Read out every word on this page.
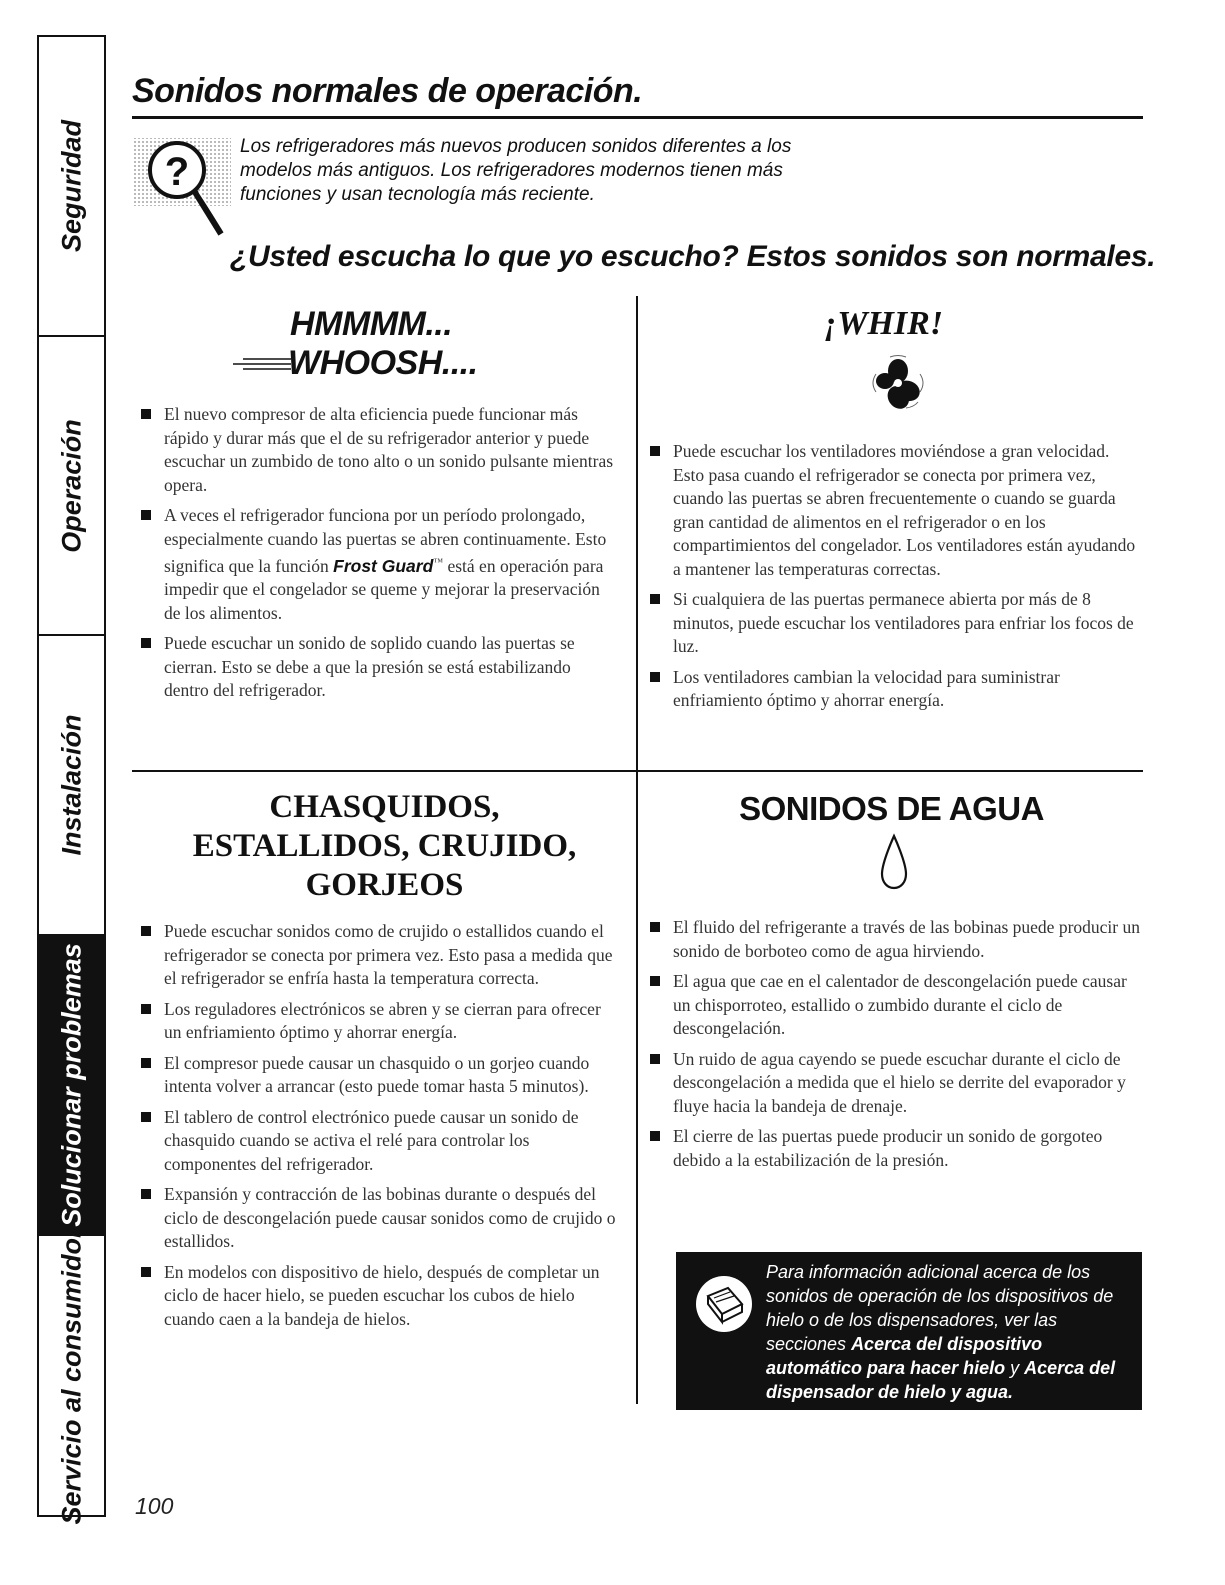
Seguridad
Operación
Instalación
Solucionar problemas
Servicio al consumidor
Sonidos normales de operación.
?

Los refrigeradores más nuevos producen sonidos diferentes a los modelos más antiguos. Los refrigeradores modernos tienen más funciones y usan tecnología más reciente.

¿Usted escucha lo que yo escucho? Estos sonidos son normales.
HMMMM...
WHOOSH....
El nuevo compresor de alta eficiencia puede funcionar más rápido y durar más que el de su refrigerador anterior y puede escuchar un zumbido de tono alto o un sonido pulsante mientras opera.
A veces el refrigerador funciona por un período prolongado, especialmente cuando las puertas se abren continuamente. Esto significa que la función Frost Guard™ está en operación para impedir que el congelador se queme y mejorar la preservación de los alimentos.
Puede escuchar un sonido de soplido cuando las puertas se cierran. Esto se debe a que la presión se está estabilizando dentro del refrigerador.
¡WHIR!
Puede escuchar los ventiladores moviéndose a gran velocidad. Esto pasa cuando el refrigerador se conecta por primera vez, cuando las puertas se abren frecuentemente o cuando se guarda gran cantidad de alimentos en el refrigerador o en los compartimientos del congelador. Los ventiladores están ayudando a mantener las temperaturas correctas.
Si cualquiera de las puertas permanece abierta por más de 8 minutos, puede escuchar los ventiladores para enfriar los focos de luz.
Los ventiladores cambian la velocidad para suministrar enfriamiento óptimo y ahorrar energía.
CHASQUIDOS,
ESTALLIDOS, CRUJIDO,
GORJEOS
Puede escuchar sonidos como de crujido o estallidos cuando el refrigerador se conecta por primera vez. Esto pasa a medida que el refrigerador se enfría hasta la temperatura correcta.
Los reguladores electrónicos se abren y se cierran para ofrecer un enfriamiento óptimo y ahorrar energía.
El compresor puede causar un chasquido o un gorjeo cuando intenta volver a arrancar (esto puede tomar hasta 5 minutos).
El tablero de control electrónico puede causar un sonido de chasquido cuando se activa el relé para controlar los componentes del refrigerador.
Expansión y contracción de las bobinas durante o después del ciclo de descongelación puede causar sonidos como de crujido o estallidos.
En modelos con dispositivo de hielo, después de completar un ciclo de hacer hielo, se pueden escuchar los cubos de hielo cuando caen a la bandeja de hielos.
SONIDOS DE AGUA
El fluido del refrigerante a través de las bobinas puede producir un sonido de borboteo como de agua hirviendo.
El agua que cae en el calentador de descongelación puede causar un chisporroteo, estallido o zumbido durante el ciclo de descongelación.
Un ruido de agua cayendo se puede escuchar durante el ciclo de descongelación a medida que el hielo se derrite del evaporador y fluye hacia la bandeja de drenaje.
El cierre de las puertas puede producir un sonido de gorgoteo debido a la estabilización de la presión.

Para información adicional acerca de los sonidos de operación de los dispositivos de hielo o de los dispensadores, ver las secciones Acerca del dispositivo automático para hacer hielo y Acerca del dispensador de hielo y agua.

100
